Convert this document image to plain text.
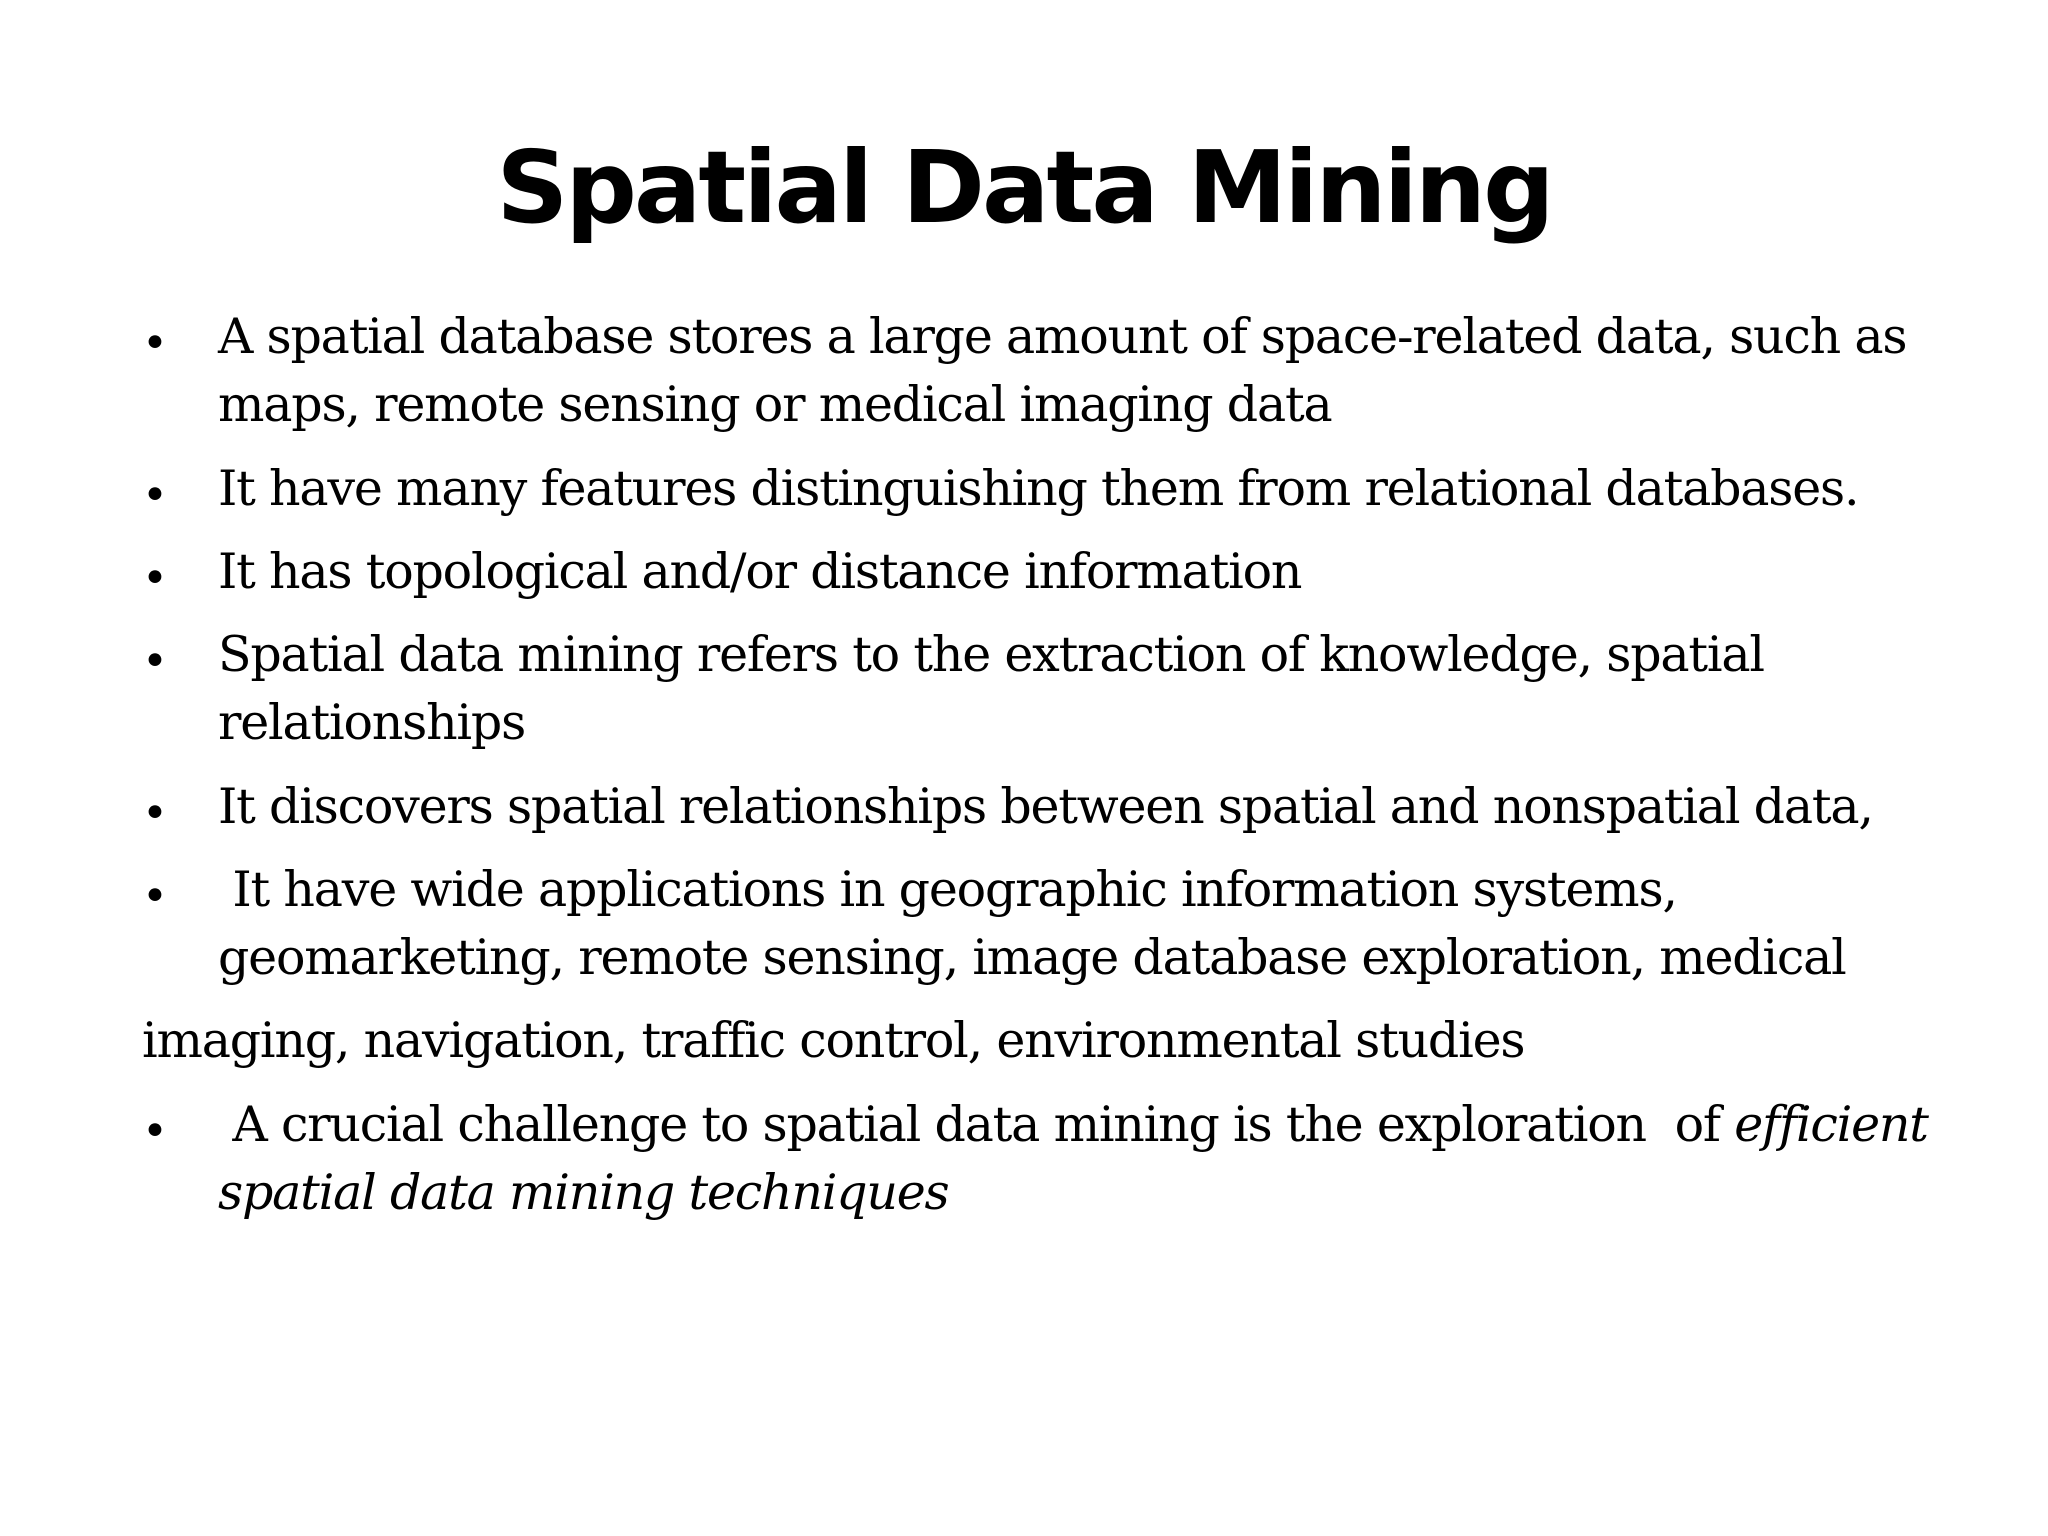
Spatial Data Mining
• A spatial database stores a large amount of space-related data, such as
maps, remote sensing or medical imaging data
• It have many features distinguishing them from relational databases.
• It has topological and/or distance information
• Spatial data mining refers to the extraction of knowledge, spatial
relationships
• It discovers spatial relationships between spatial and nonspatial data,
• It have wide applications in geographic information systems,
geomarketing, remote sensing, image database exploration, medical
imaging, navigation, traffic control, environmental studies
• A crucial challenge to spatial data mining is the exploration  of efficient
spatial data mining techniques
